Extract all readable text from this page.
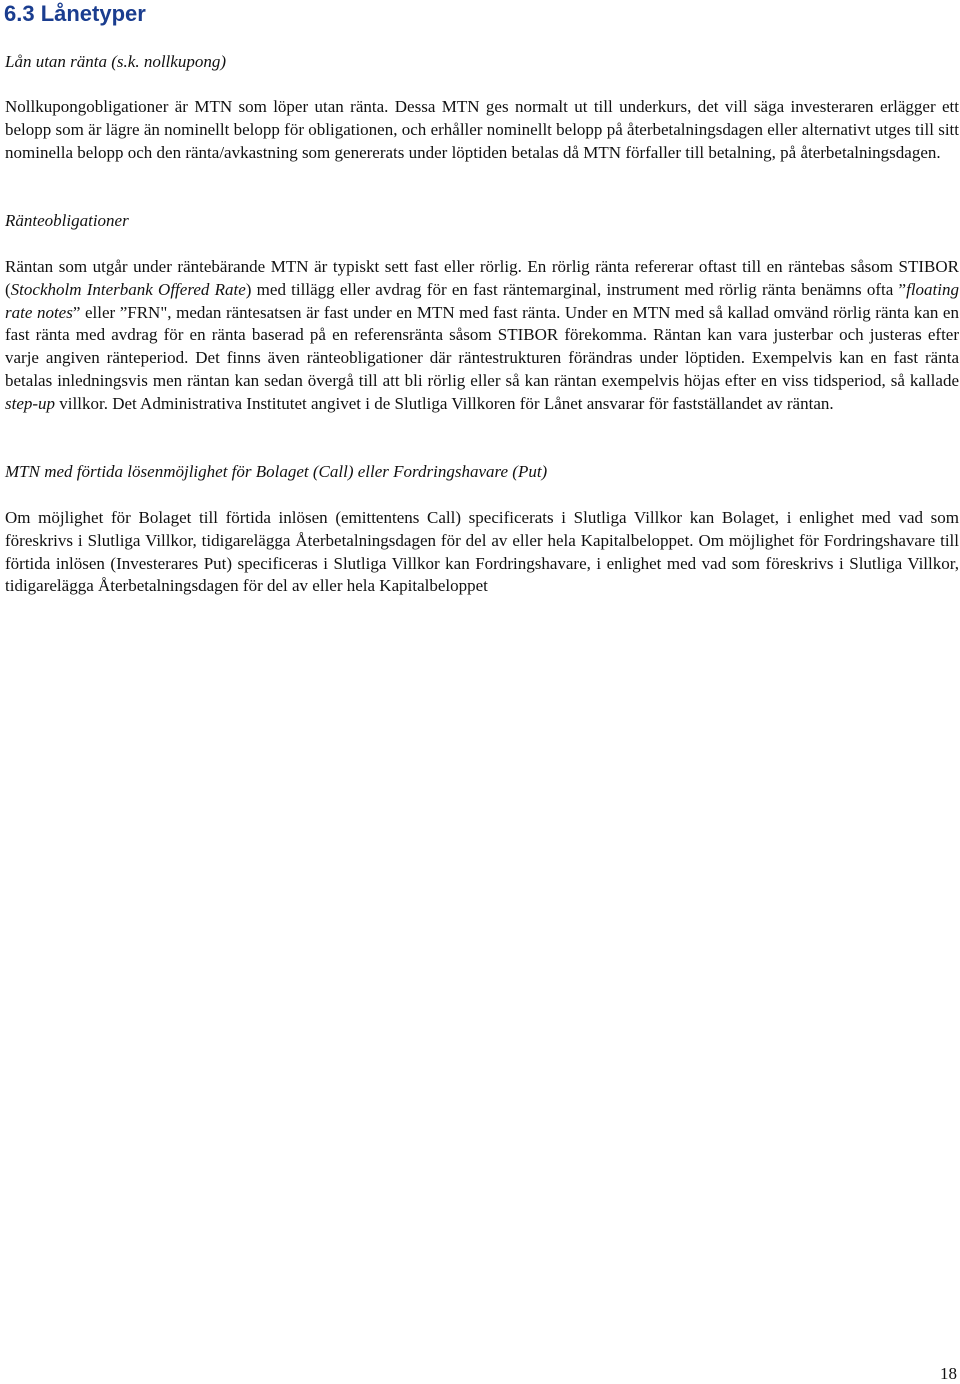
6.3 Lånetyper
Lån utan ränta (s.k. nollkupong)

Nollkupongobligationer är MTN som löper utan ränta. Dessa MTN ges normalt ut till underkurs, det vill säga investeraren erlägger ett belopp som är lägre än nominellt belopp för obligationen, och erhåller nominellt belopp på återbetalningsdagen eller alternativt utges till sitt nominella belopp och den ränta/avkastning som genererats under löptiden betalas då MTN förfaller till betalning, på återbetalningsdagen.

Ränteobligationer

Räntan som utgår under räntebärande MTN är typiskt sett fast eller rörlig. En rörlig ränta refererar oftast till en räntebas såsom STIBOR (Stockholm Interbank Offered Rate) med tillägg eller avdrag för en fast räntemarginal, instrument med rörlig ränta benämns ofta ”floating rate notes” eller ”FRN", medan räntesatsen är fast under en MTN med fast ränta. Under en MTN med så kallad omvänd rörlig ränta kan en fast ränta med avdrag för en ränta baserad på en referensränta såsom STIBOR förekomma. Räntan kan vara justerbar och justeras efter varje angiven ränteperiod. Det finns även ränteobligationer där räntestrukturen förändras under löptiden. Exempelvis kan en fast ränta betalas inledningsvis men räntan kan sedan övergå till att bli rörlig eller så kan räntan exempelvis höjas efter en viss tidsperiod, så kallade step-up villkor. Det Administrativa Institutet angivet i de Slutliga Villkoren för Lånet ansvarar för fastställandet av räntan.

MTN med förtida lösenmöjlighet för Bolaget (Call) eller Fordringshavare (Put)

Om möjlighet för Bolaget till förtida inlösen (emittentens Call) specificerats i Slutliga Villkor kan Bolaget, i enlighet med vad som föreskrivs i Slutliga Villkor, tidigarelägga Återbetalningsdagen för del av eller hela Kapitalbeloppet. Om möjlighet för Fordringshavare till förtida inlösen (Investerares Put) specificeras i Slutliga Villkor kan Fordringshavare, i enlighet med vad som föreskrivs i Slutliga Villkor, tidigarelägga Återbetalningsdagen för del av eller hela Kapitalbeloppet

18
